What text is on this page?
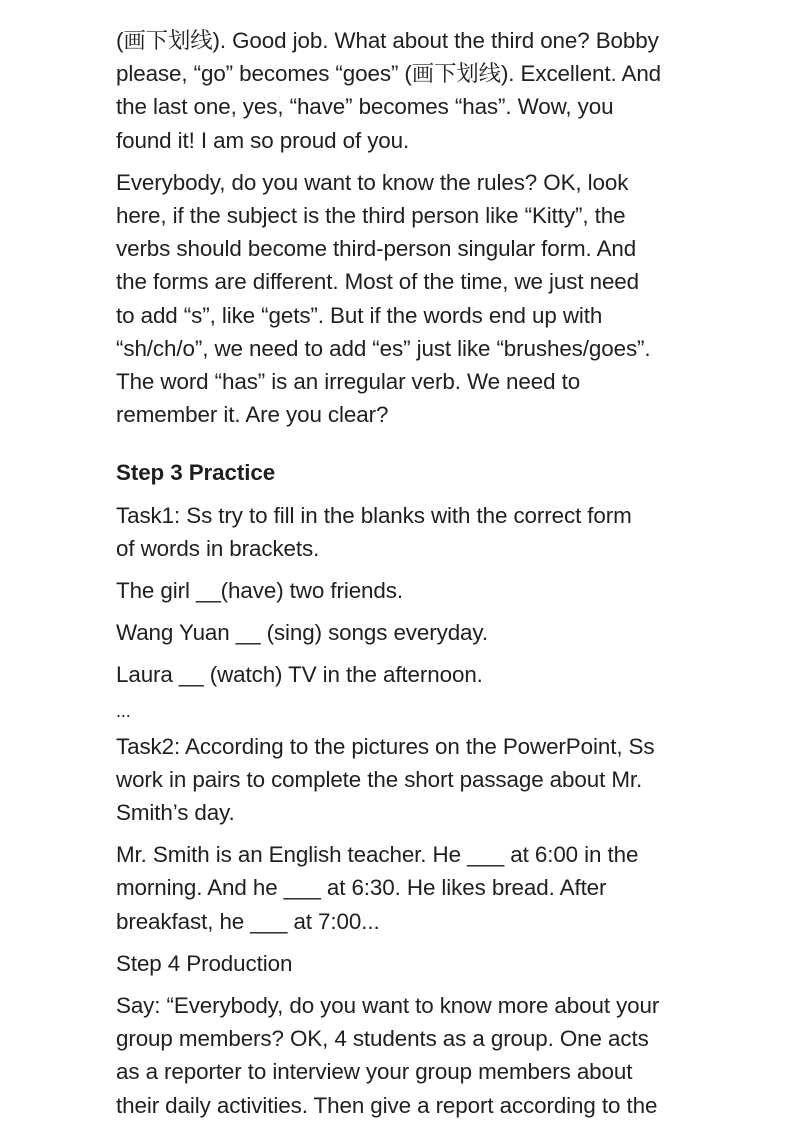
(画下划线). Good job. What about the third one? Bobby
please, “go” becomes “goes” (画下划线). Excellent. And
the last one, yes, “have” becomes “has”. Wow, you
found it! I am so proud of you.

Everybody, do you want to know the rules? OK, look
here, if the subject is the third person like “Kitty”, the
verbs should become third-person singular form. And
the forms are different. Most of the time, we just need
to add “s”, like “gets”. But if the words end up with
“sh/ch/o”, we need to add “es” just like “brushes/goes”.
The word “has” is an irregular verb. We need to
remember it. Are you clear?

Step 3 Practice

Task1: Ss try to fill in the blanks with the correct form
of words in brackets.

The girl __(have) two friends.

Wang Yuan __ (sing) songs everyday.

Laura __ (watch) TV in the afternoon.

...

Task2: According to the pictures on the PowerPoint, Ss
work in pairs to complete the short passage about Mr.
Smith’s day.

Mr. Smith is an English teacher. He ___ at 6:00 in the
morning. And he ___ at 6:30. He likes bread. After
breakfast, he ___ at 7:00...

Step 4 Production

Say: “Everybody, do you want to know more about your
group members? OK, 4 students as a group. One acts
as a reporter to interview your group members about
their daily activities. Then give a report according to the
